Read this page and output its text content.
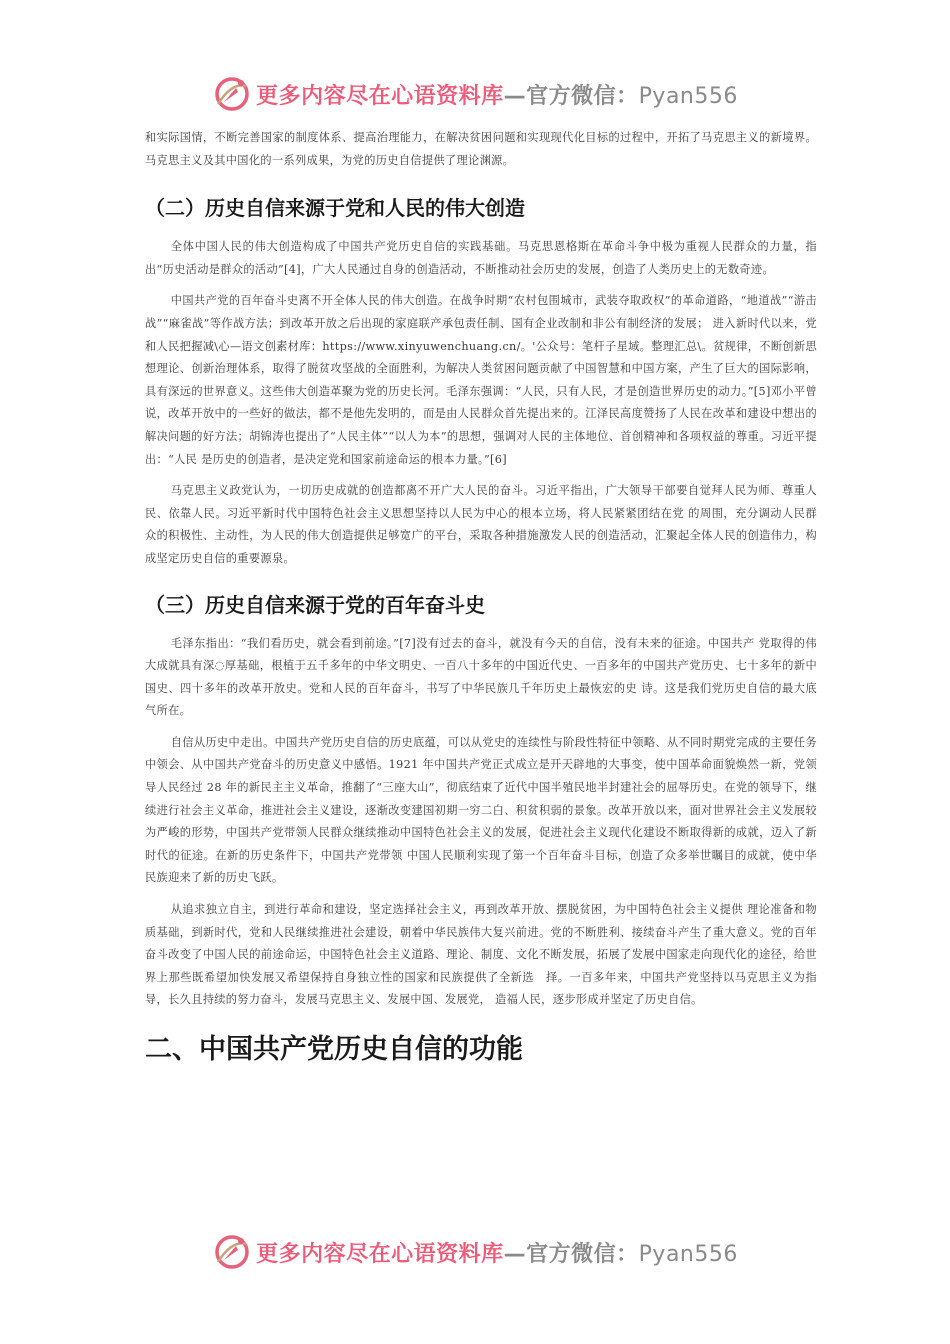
更多内容尽在心语资料库—官方微信：Pyan556

和实际国情，不断完善国家的制度体系、提高治理能力，在解决贫困问题和实现现代化目标的过程中，开拓了马克思主义的新境界。马克思主义及其中国化的一系列成果，为党的历史自信提供了理论渊源。

（二）历史自信来源于党和人民的伟大创造

全体中国人民的伟大创造构成了中国共产党历史自信的实践基础。马克思恩格斯在革命斗争中极为重视人民群众的力量，指出“历史活动是群众的活动”[4]，广大人民通过自身的创造活动，不断推动社会历史的发展，创造了人类历史上的无数奇迹。

中国共产党的百年奋斗史离不开全体人民的伟大创造。在战争时期“农村包围城市，武装夺取政权”的革命道路，“地道战”“游击战”“麻雀战”等作战方法；到改革开放之后出现的家庭联产承包责任制、国有企业改制和非公有制经济的发展； 进入新时代以来，党和人民把握减\心—语文创素材库：https://www.xinyuwenchuang.cn/。'公众号：笔杆子星域。整理汇总\。贫规律，不断创新思想理论、创新治理体系，取得了脱贫攻坚战的全面胜利，为解决人类贫困问题贡献了中国智慧和中国方案，产生了巨大的国际影响，具有深远的世界意义。这些伟大创造革聚为党的历史长河。毛泽东强调：“人民，只有人民，才是创造世界历史的动力。”[5]邓小平曾说，改革开放中的一些好的做法，都不是他先发明的，而是由人民群众首先提出来的。江泽民高度赞扬了人民在改革和建设中想出的解决问题的好方法；胡锦涛也提出了“人民主体”“以人为本”的思想，强调对人民的主体地位、首创精神和各项权益的尊重。习近平提出：“人民 是历史的创造者，是决定党和国家前途命运的根本力量。”[6]

马克思主义政党认为，一切历史成就的创造都离不开广大人民的奋斗。习近平指出，广大领导干部要自觉拜人民为师、尊重人民、依靠人民。习近平新时代中国特色社会主义思想坚持以人民为中心的根本立场，将人民紧紧团结在党 的周围，充分调动人民群众的积极性、主动性，为人民的伟大创造提供足够宽广的平台，采取各种措施激发人民的创造活动，汇聚起全体人民的创造伟力，构成坚定历史自信的重要源泉。

（三）历史自信来源于党的百年奋斗史

毛泽东指出：“我们看历史，就会看到前途。”[7]没有过去的奋斗，就没有今天的自信，没有未来的征途。中国共产 党取得的伟大成就具有深◌厚基础，根植于五千多年的中华文明史、一百八十多年的中国近代史、一百多年的中国共产党历史、七十多年的新中国史、四十多年的改革开放史。党和人民的百年奋斗，书写了中华民族几千年历史上最恢宏的史 诗。这是我们党历史自信的最大底气所在。

自信从历史中走出。中国共产党历史自信的历史底蕴，可以从党史的连续性与阶段性特征中领略、从不同时期党完成的主要任务中领会、从中国共产党奋斗的历史意义中感悟。1921 年中国共产党正式成立是开天辟地的大事变，使中国革命面貌焕然一新，党领导人民经过 28 年的新民主主义革命，推翻了“三座大山”，彻底结束了近代中国半殖民地半封建社会的屈辱历史。在党的领导下，继续进行社会主义革命，推进社会主义建设，逐渐改变建国初期一穷二白、积贫积弱的景象。改革开放以来，面对世界社会主义发展较为严峻的形势，中国共产党带领人民群众继续推动中国特色社会主义的发展，促进社会主义现代化建设不断取得新的成就，迈入了新时代的征途。在新的历史条件下，中国共产党带领 中国人民顺利实现了第一个百年奋斗目标，创造了众多举世瞩目的成就，使中华民族迎来了新的历史飞跃。

从追求独立自主，到进行革命和建设，坚定选择社会主义，再到改革开放、摆脱贫困，为中国特色社会主义提供 理论准备和物质基础，到新时代，党和人民继续推进社会建设，朝着中华民族伟大复兴前进。党的不断胜利、接续奋斗产生了重大意义。党的百年奋斗改变了中国人民的前途命运，中国特色社会主义道路、理论、制度、文化不断发展，拓展了发展中国家走向现代化的途径，给世界上那些既希望加快发展又希望保持自身独立性的国家和民族提供了全新选　择。一百多年来，中国共产党坚持以马克思主义为指导，长久且持续的努力奋斗，发展马克思主义、发展中国、发展党， 造福人民，逐步形成并坚定了历史自信。

二、中国共产党历史自信的功能
更多内容尽在心语资料库—官方微信：Pyan556
